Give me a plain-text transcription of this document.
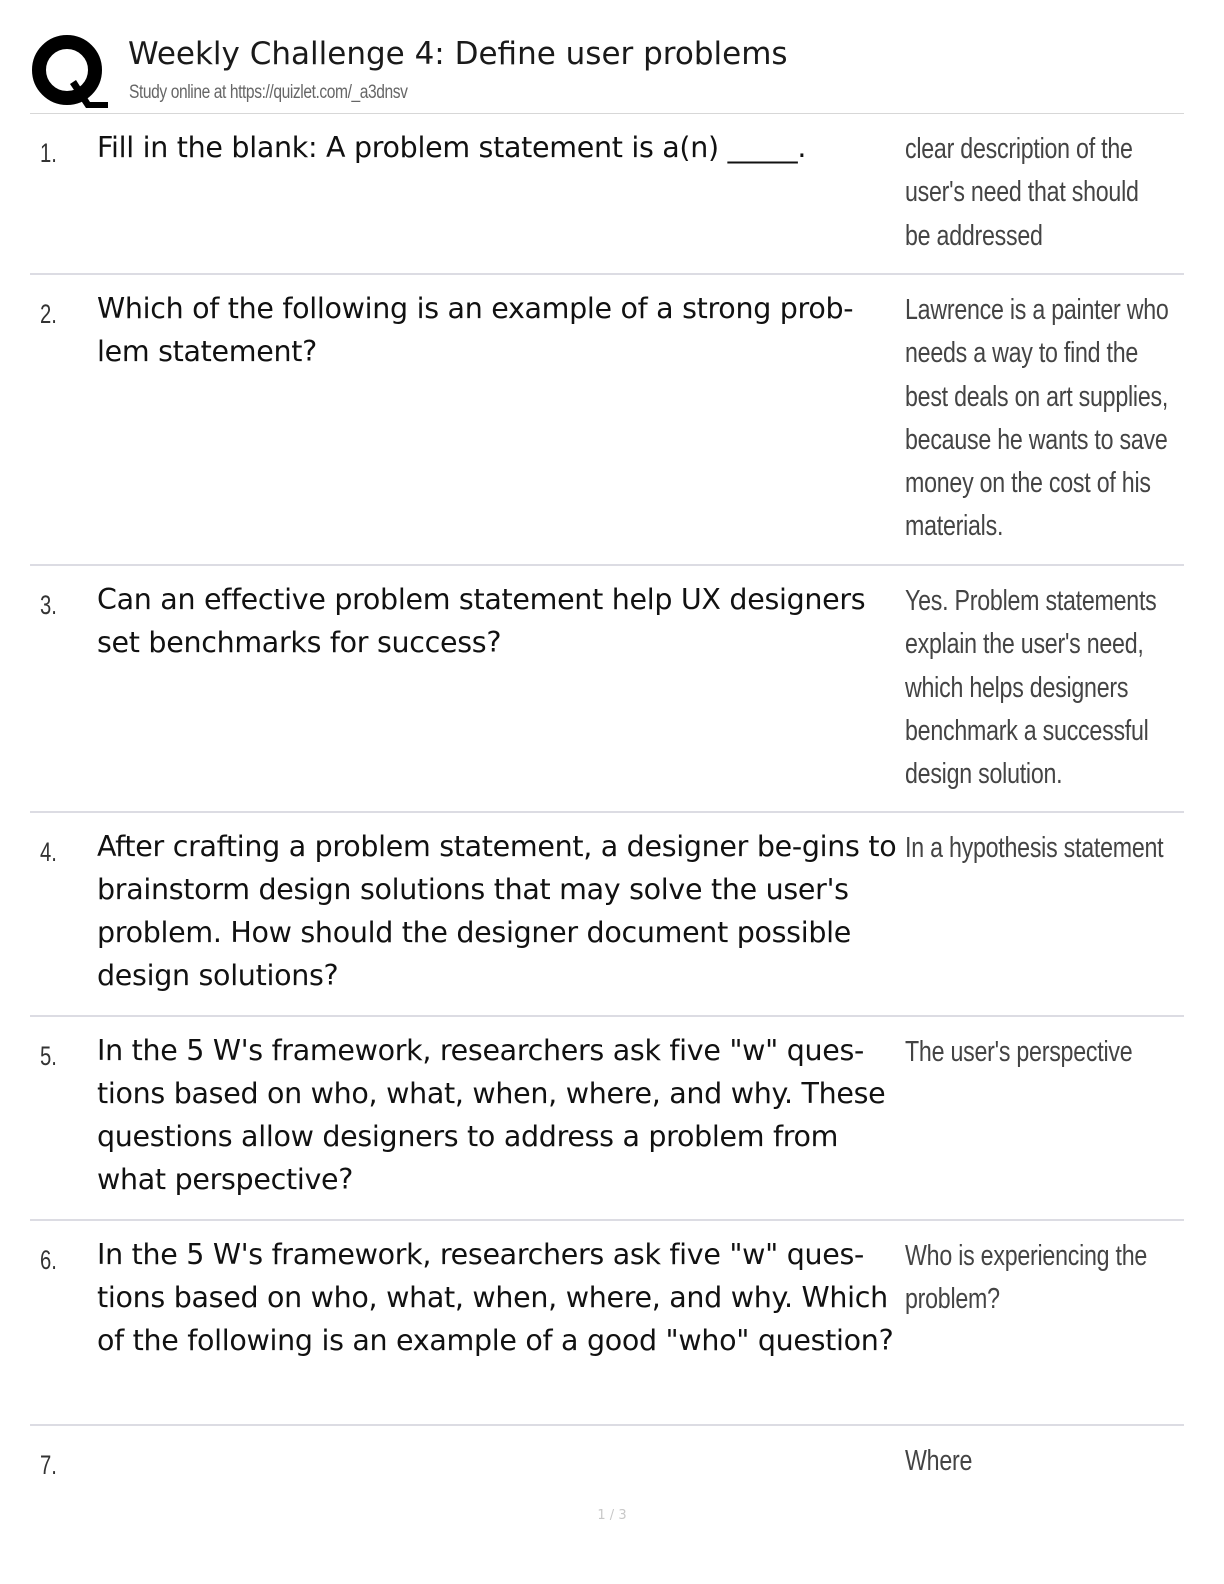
Weekly Challenge 4: Define user problems
Study online at https://quizlet.com/_a3dnsv
1. Fill in the blank: A problem statement is a(n) _____.	clear description of the user's need that should be addressed
2. Which of the following is an example of a strong prob-lem statement?
Lawrence is a painter who needs a way to find the best deals on art supplies, because he wants to save money on the cost of his materials.
3. Can an effective problem statement help UX designers set benchmarks for success?
Yes. Problem statements explain the user's need, which helps designers benchmark a successful design solution.
4. After crafting a problem statement, a designer be-gins to brainstorm design solutions that may solve the user's problem. How should the designer document possible design solutions?
In a hypothesis statement
5. In the 5 W's framework, researchers ask five "w" ques-tions based on who, what, when, where, and why. These questions allow designers to address a problem from what perspective?
The user's perspective
6. In the 5 W's framework, researchers ask five "w" ques-tions based on who, what, when, where, and why. Which of the following is an example of a good "who" question?
Who is experiencing the problem?
7.	Where
1 / 3
